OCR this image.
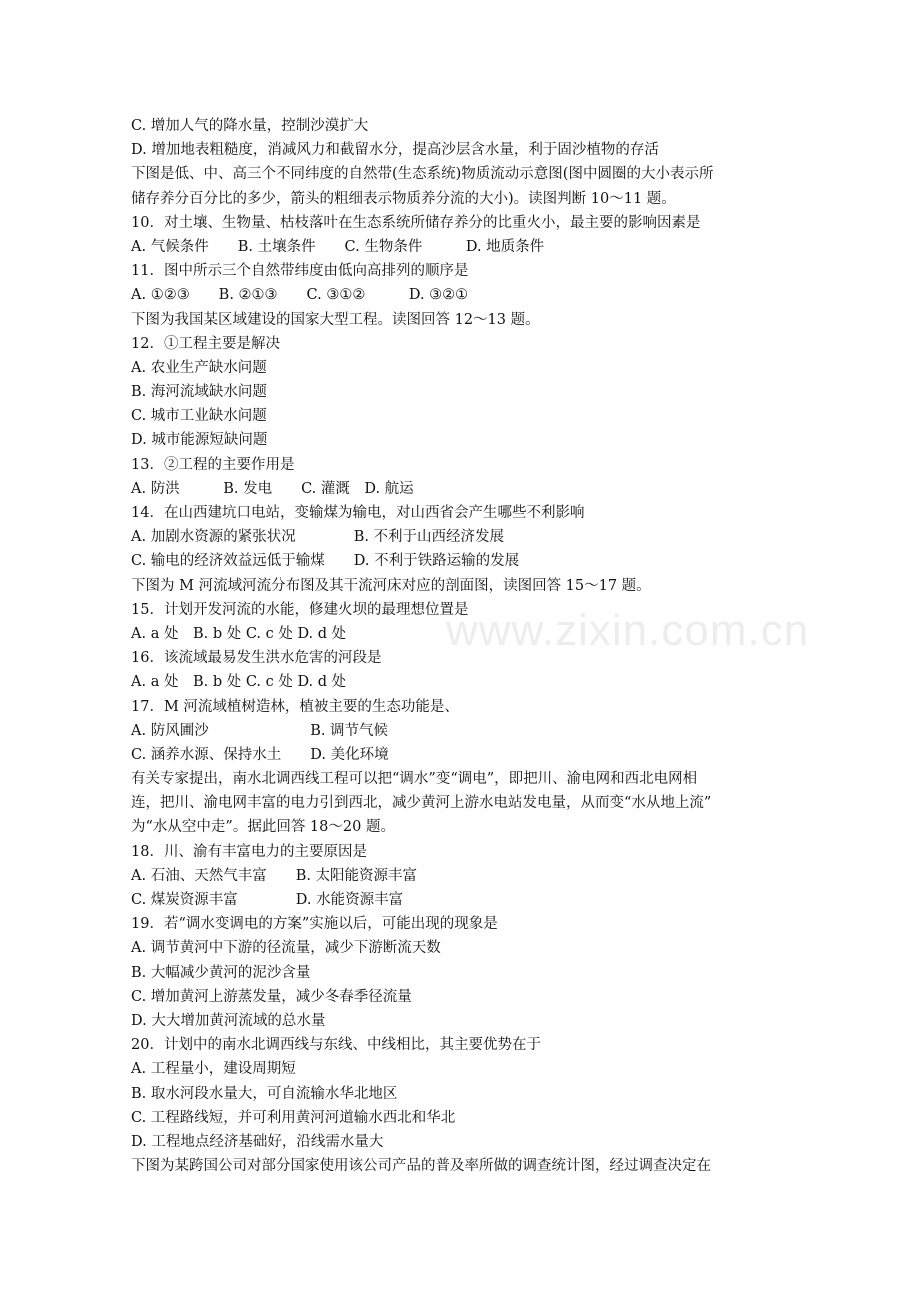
C. 增加人气的降水量，控制沙漠扩大
D. 增加地表粗糙度，消减风力和截留水分，提高沙层含水量，利于固沙植物的存活
下图是低、中、高三个不同纬度的自然带(生态系统)物质流动示意图(图中圆圈的大小表示所
储存养分百分比的多少，箭头的粗细表示物质养分流的大小)。读图判断 10～11 题。
10．对土壤、生物量、枯枝落叶在生态系统所储存养分的比重火小，最主要的影响因素是
A. 气候条件　　B. 土壤条件　　C. 生物条件　　　D. 地质条件
11．图中所示三个自然带纬度由低向高排列的顺序是
A. ①②③　　B. ②①③　　C. ③①②　　　D. ③②①
下图为我国某区域建设的国家大型工程。读图回答 12～13 题。
12．①工程主要是解决
A. 农业生产缺水问题
B. 海河流域缺水问题
C. 城市工业缺水问题
D. 城市能源短缺问题
13．②工程的主要作用是
A. 防洪　　　B. 发电　　C. 灌溉　D. 航运
14．在山西建坑口电站，变输煤为输电，对山西省会产生哪些不利影响
A. 加剧水资源的紧张状况　　　　B. 不利于山西经济发展
C. 输电的经济效益远低于输煤　　D. 不利于铁路运输的发展
下图为 M 河流域河流分布图及其干流河床对应的剖面图，读图回答 15～17 题。
15．计划开发河流的水能，修建火坝的最理想位置是
A. a 处　B. b 处 C. c 处 D. d 处
16．该流域最易发生洪水危害的河段是
A. a 处　B. b 处 C. c 处 D. d 处
17．M 河流域植树造林，植被主要的生态功能是、
A. 防风圃沙　　　　　　　B. 调节气候
C. 涵养水源、保持水土　　D. 美化环境
有关专家提出，南水北调西线工程可以把“调水”变“调电”，即把川、渝电网和西北电网相
连，把川、渝电网丰富的电力引到西北，减少黄河上游水电站发电量，从而变“水从地上流”
为“水从空中走”。据此回答 18～20 题。
18．川、渝有丰富电力的主要原因是
A. 石油、天然气丰富　　B. 太阳能资源丰富
C. 煤炭资源丰富　　　　D. 水能资源丰富
19．若“调水变调电的方案”实施以后，可能出现的现象是
A. 调节黄河中下游的径流量，减少下游断流天数
B. 大幅减少黄河的泥沙含量
C. 增加黄河上游蒸发量，减少冬春季径流量
D. 大大增加黄河流域的总水量
20．计划中的南水北调西线与东线、中线相比，其主要优势在于
A. 工程量小，建设周期短
B. 取水河段水量大，可自流输水华北地区
C. 工程路线短，并可利用黄河河道输水西北和华北
D. 工程地点经济基础好，沿线需水量大
下图为某跨国公司对部分国家使用该公司产品的普及率所做的调查统计图，经过调查决定在
www.zixin.com.cn
